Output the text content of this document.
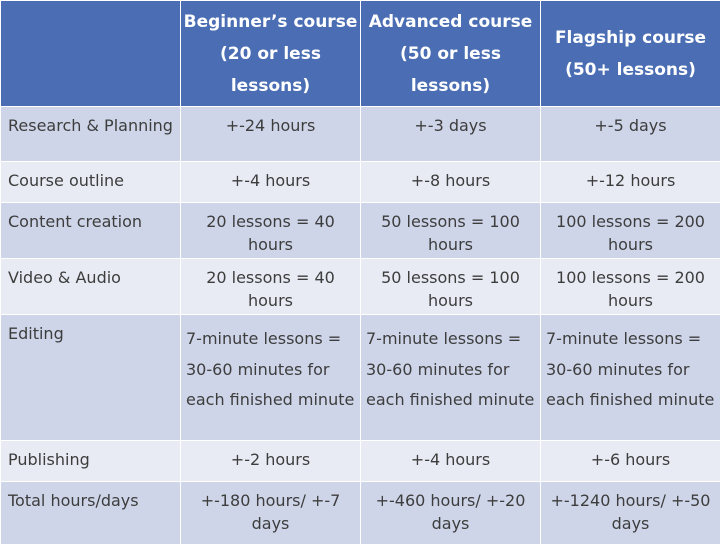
	Beginner’s course (20 or less lessons)	Advanced course (50 or less lessons)	Flagship course (50+ lessons)
Research & Planning	+-24 hours	+-3 days	+-5 days
Course outline	+-4 hours	+-8 hours	+-12 hours
Content creation	20 lessons = 40 hours	50 lessons = 100 hours	100 lessons = 200 hours
Video & Audio	20 lessons = 40 hours	50 lessons = 100 hours	100 lessons = 200 hours
Editing	7-minute lessons = 30-60 minutes for each finished minute	7-minute lessons = 30-60 minutes for each finished minute	7-minute lessons = 30-60 minutes for each finished minute
Publishing	+-2 hours	+-4 hours	+-6 hours
Total hours/days	+-180 hours/ +-7 days	+-460 hours/ +-20 days	+-1240 hours/ +-50 days
